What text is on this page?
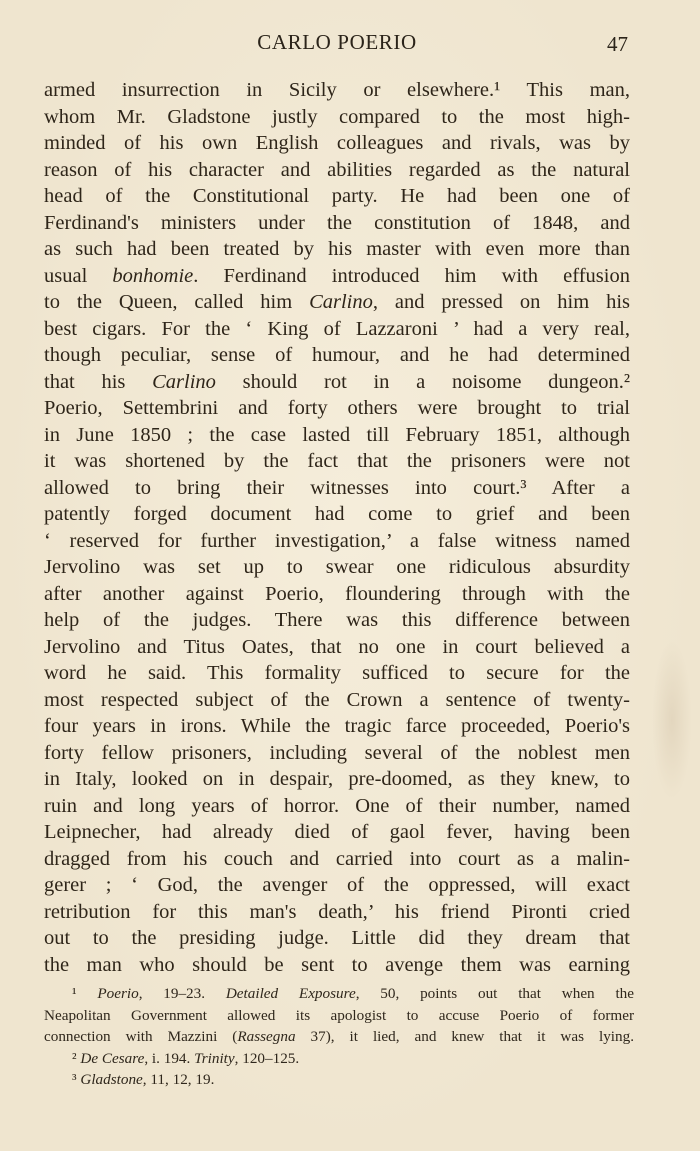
CARLO POERIO	47
armed insurrection in Sicily or elsewhere.¹ This man,
whom Mr. Gladstone justly compared to the most high-
minded of his own English colleagues and rivals, was by
reason of his character and abilities regarded as the natural
head of the Constitutional party. He had been one of
Ferdinand's ministers under the constitution of 1848, and
as such had been treated by his master with even more than
usual bonhomie. Ferdinand introduced him with effusion
to the Queen, called him Carlino, and pressed on him his
best cigars. For the ‘ King of Lazzaroni ’ had a very real,
though peculiar, sense of humour, and he had determined
that his Carlino should rot in a noisome dungeon.²
Poerio, Settembrini and forty others were brought to trial
in June 1850 ; the case lasted till February 1851, although
it was shortened by the fact that the prisoners were not
allowed to bring their witnesses into court.³ After a
patently forged document had come to grief and been
‘ reserved for further investigation,’ a false witness named
Jervolino was set up to swear one ridiculous absurdity
after another against Poerio, floundering through with the
help of the judges. There was this difference between
Jervolino and Titus Oates, that no one in court believed a
word he said. This formality sufficed to secure for the
most respected subject of the Crown a sentence of twenty-
four years in irons. While the tragic farce proceeded, Poerio's
forty fellow prisoners, including several of the noblest men
in Italy, looked on in despair, pre-doomed, as they knew, to
ruin and long years of horror. One of their number, named
Leipnecher, had already died of gaol fever, having been
dragged from his couch and carried into court as a malin-
gerer ; ‘ God, the avenger of the oppressed, will exact
retribution for this man's death,’ his friend Pironti cried
out to the presiding judge. Little did they dream that
the man who should be sent to avenge them was earning
¹ Poerio, 19–23. Detailed Exposure, 50, points out that when the
Neapolitan Government allowed its apologist to accuse Poerio of former
connection with Mazzini (Rassegna 37), it lied, and knew that it was lying.
² De Cesare, i. 194. Trinity, 120–125.
³ Gladstone, 11, 12, 19.
